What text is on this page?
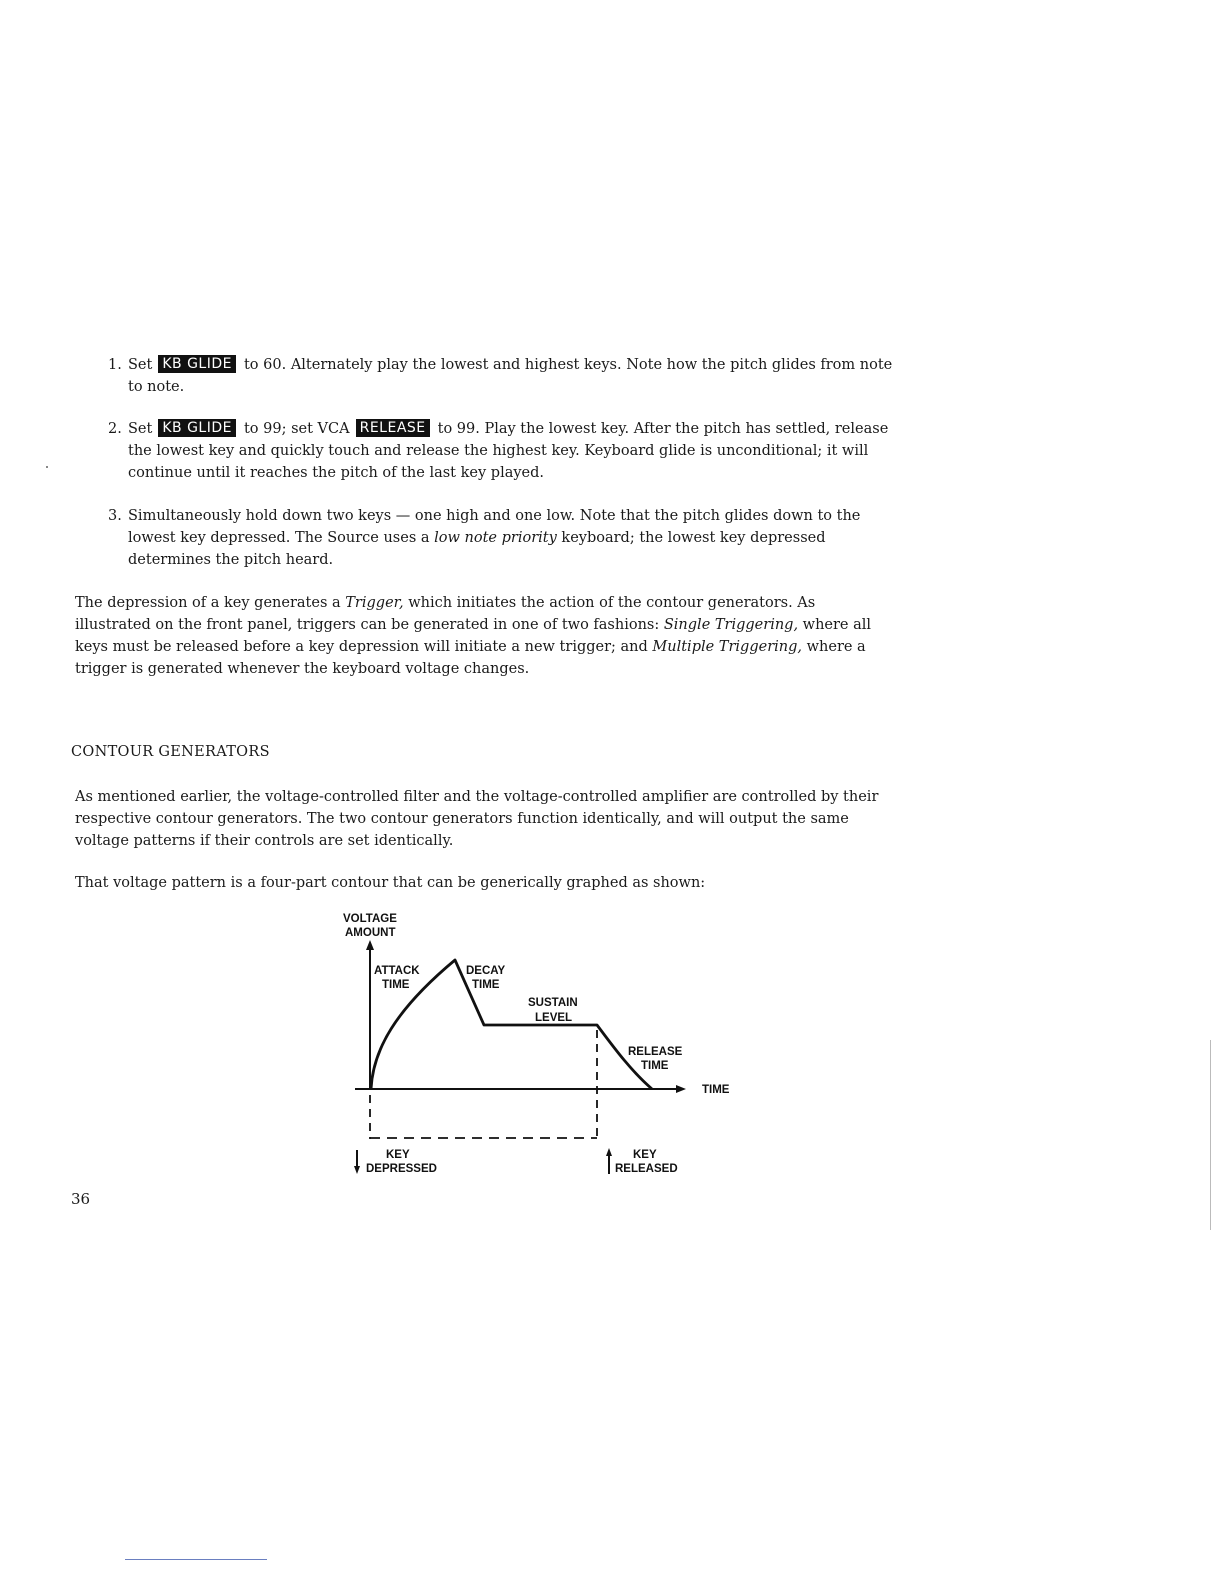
1. Set KB GLIDE to 60. Alternately play the lowest and highest keys. Note how the pitch glides from note to note.
2. Set KB GLIDE to 99; set VCA RELEASE to 99. Play the lowest key. After the pitch has settled, release the lowest key and quickly touch and release the highest key. Keyboard glide is unconditional; it will continue until it reaches the pitch of the last key played.
3. Simultaneously hold down two keys — one high and one low. Note that the pitch glides down to the lowest key depressed. The Source uses a low note priority keyboard; the lowest key depressed determines the pitch heard.
The depression of a key generates a Trigger, which initiates the action of the contour generators. As illustrated on the front panel, triggers can be generated in one of two fashions: Single Triggering, where all keys must be released before a key depression will initiate a new trigger; and Multiple Triggering, where a trigger is generated whenever the keyboard voltage changes.
CONTOUR GENERATORS
As mentioned earlier, the voltage-controlled filter and the voltage-controlled amplifier are controlled by their respective contour generators. The two contour generators function identically, and will output the same voltage patterns if their controls are set identically.
That voltage pattern is a four-part contour that can be generically graphed as shown:
VOLTAGE
AMOUNT
TIME
ATTACK
TIME
DECAY
TIME
SUSTAIN
LEVEL
RELEASE
TIME
KEY
DEPRESSED
KEY
RELEASED
36
